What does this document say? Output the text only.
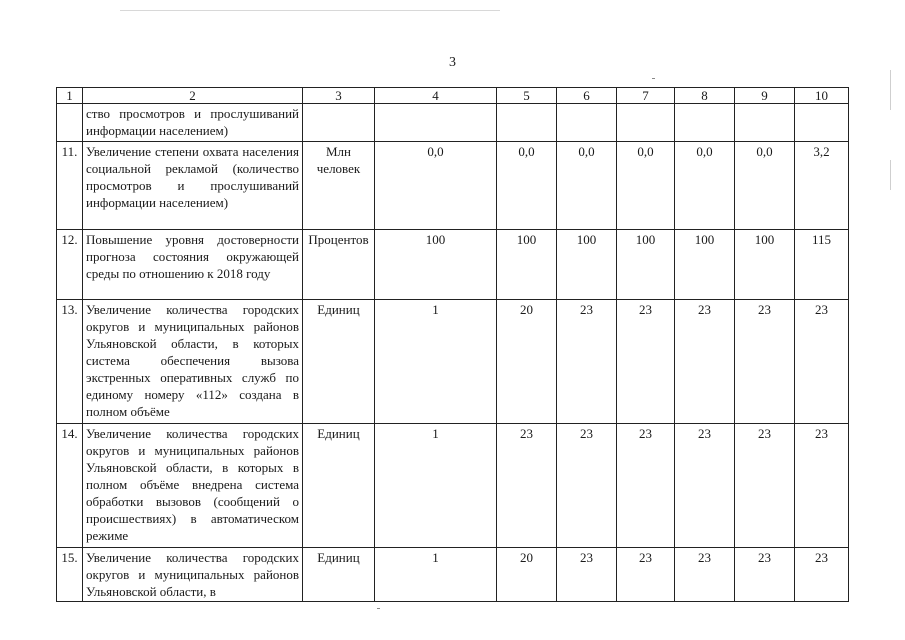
3
1	2	3	4	5	6	7	8	9	10
	ство просмотров и прослушиваний информации населением)								
11.	Увеличение степени охвата населения социальной рекламой (количество просмотров и прослушиваний информации населением)	Млн человек	0,0	0,0	0,0	0,0	0,0	0,0	3,2
12.	Повышение уровня достоверности прогноза состояния окружающей среды по отношению к 2018 году	Процентов	100	100	100	100	100	100	115
13.	Увеличение количества городских округов и муниципальных районов Ульяновской области, в которых система обеспечения вызова экстренных оперативных служб по единому номеру «112» создана в полном объёме	Единиц	1	20	23	23	23	23	23
14.	Увеличение количества городских округов и муниципальных районов Ульяновской области, в которых в полном объёме внедрена система обработки вызовов (сообщений о происшествиях) в автоматическом режиме	Единиц	1	23	23	23	23	23	23
15.	Увеличение количества городских округов и муниципальных районов Ульяновской области, в	Единиц	1	20	23	23	23	23	23
